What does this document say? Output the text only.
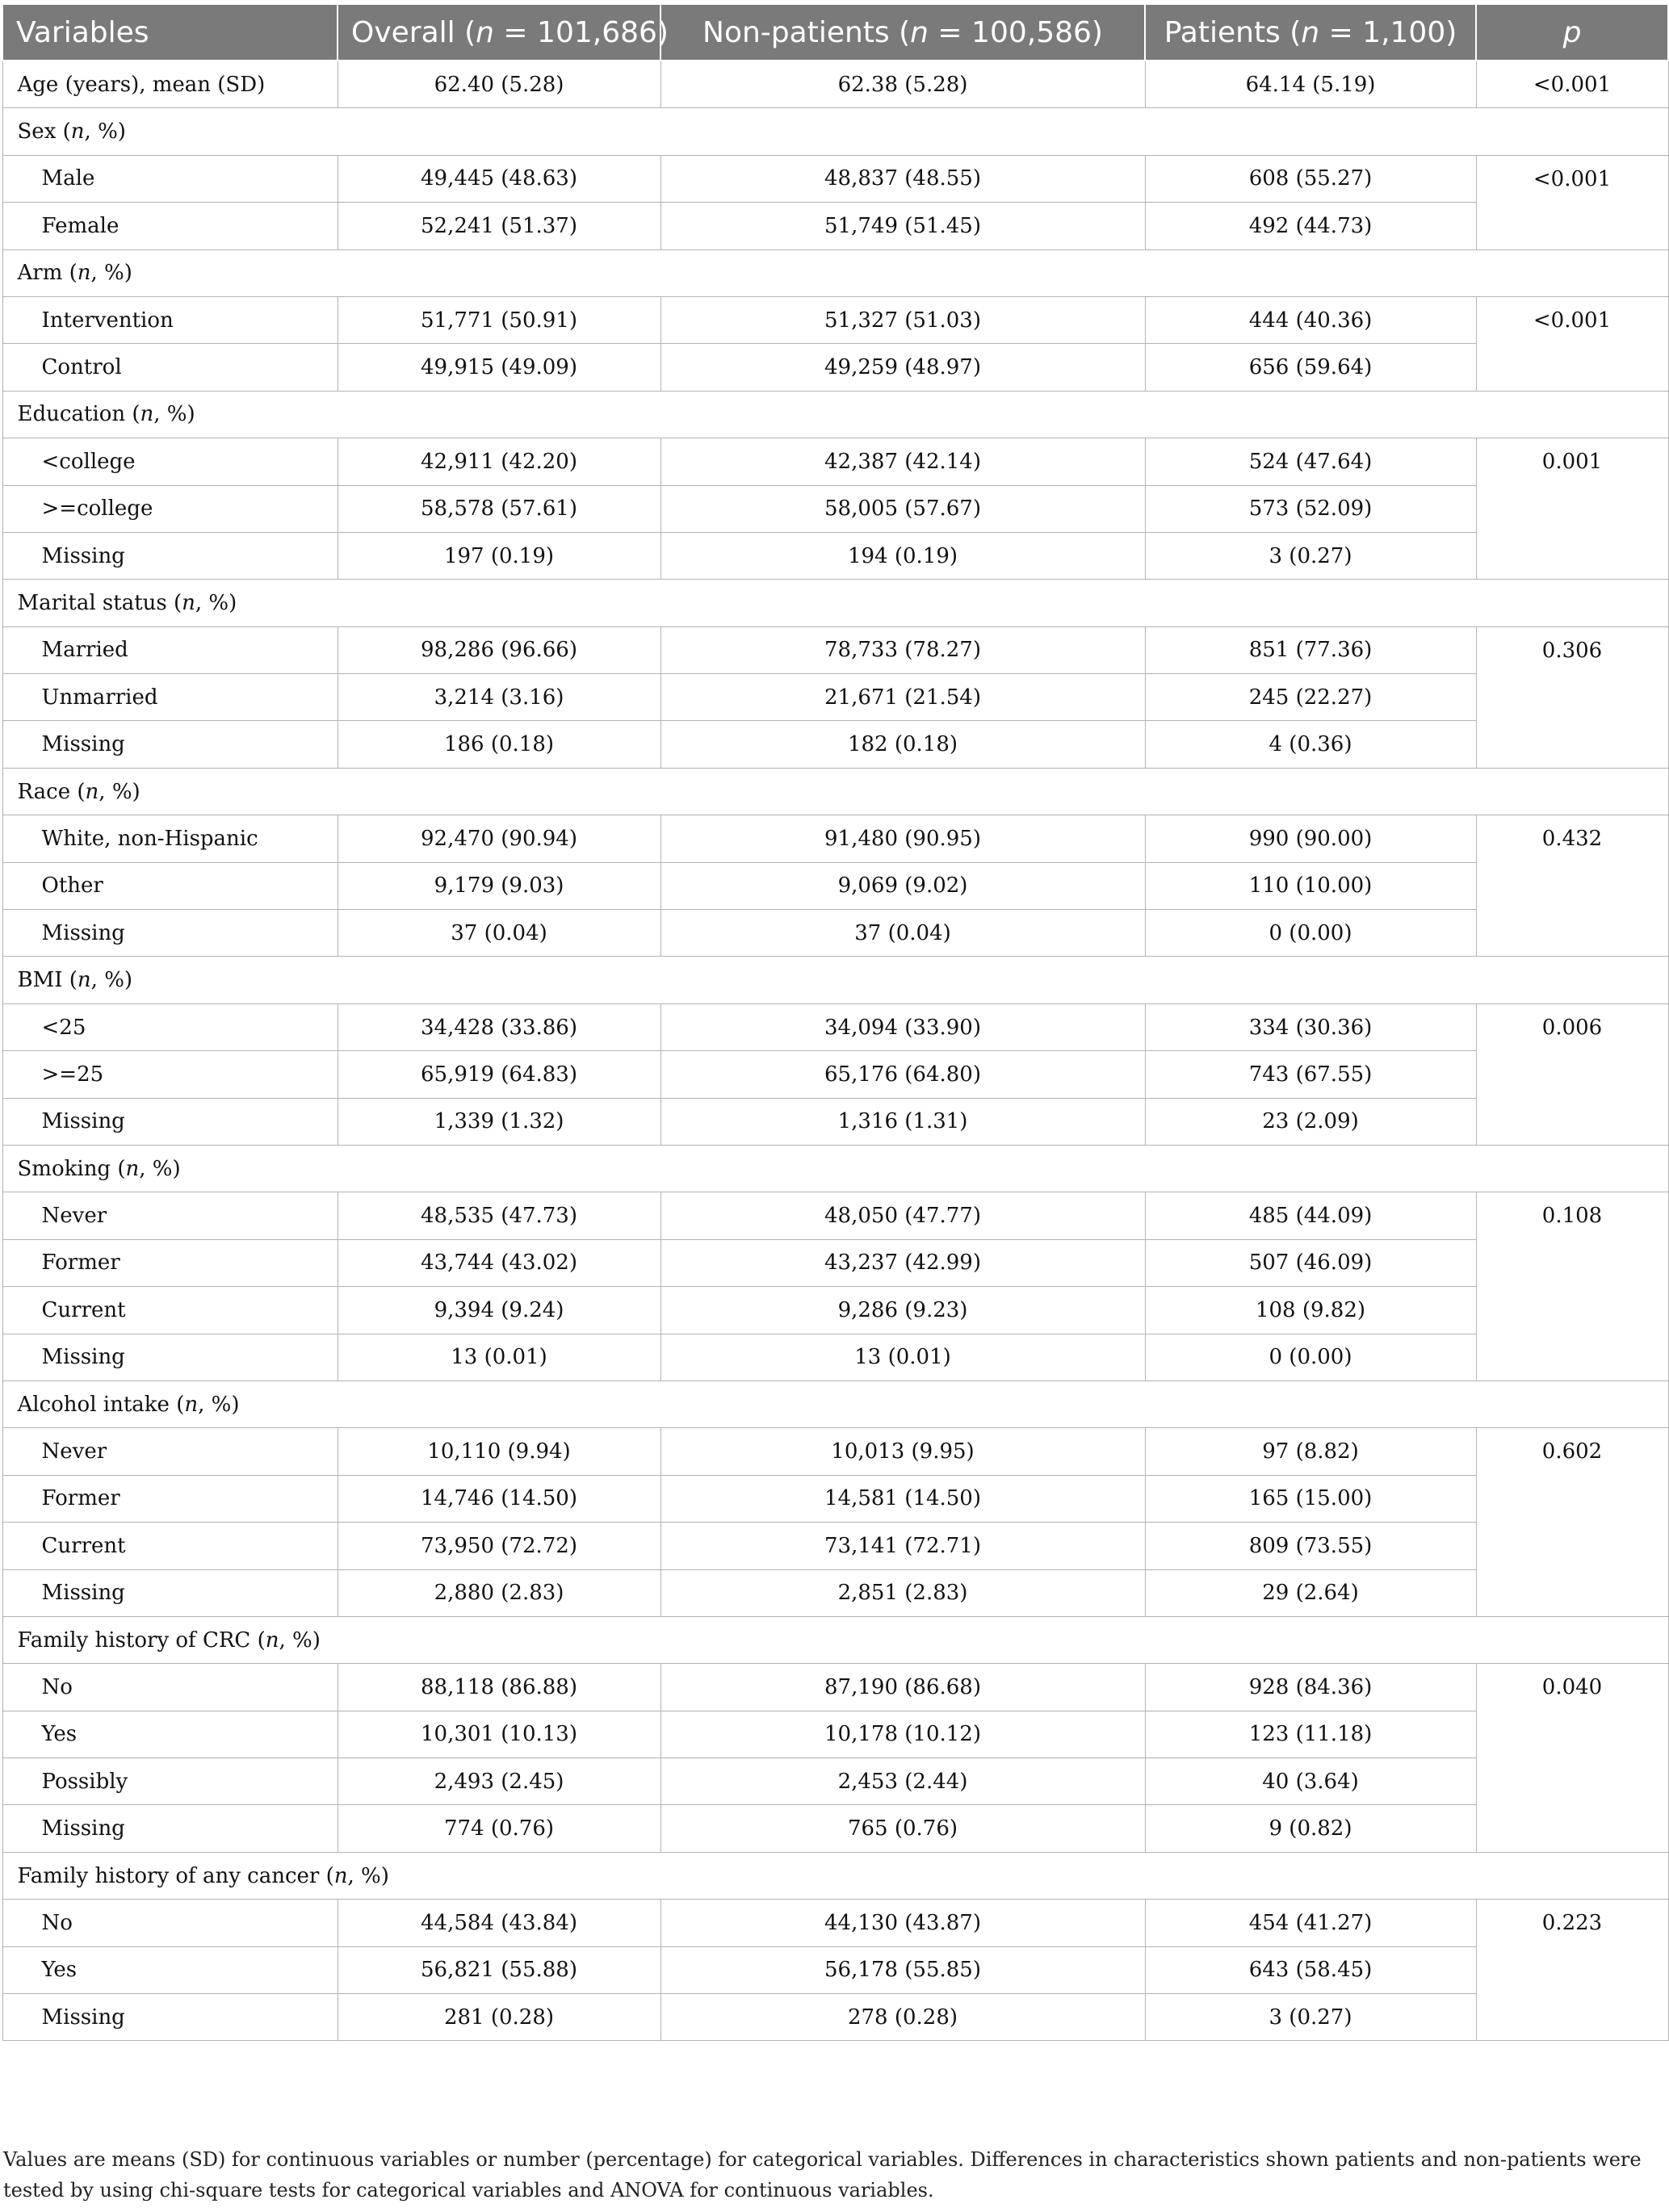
Variables	Overall (n = 101,686)	Non-patients (n = 100,586)	Patients (n = 1,100)	p
Age (years), mean (SD)	62.40 (5.28)	62.38 (5.28)	64.14 (5.19)	<0.001
Sex (n, %)				
Male	49,445 (48.63)	48,837 (48.55)	608 (55.27)	<0.001
Female	52,241 (51.37)	51,749 (51.45)	492 (44.73)	
Arm (n, %)				
Intervention	51,771 (50.91)	51,327 (51.03)	444 (40.36)	<0.001
Control	49,915 (49.09)	49,259 (48.97)	656 (59.64)	
Education (n, %)				
<college	42,911 (42.20)	42,387 (42.14)	524 (47.64)	0.001
>=college	58,578 (57.61)	58,005 (57.67)	573 (52.09)	
Missing	197 (0.19)	194 (0.19)	3 (0.27)	
Marital status (n, %)				
Married	98,286 (96.66)	78,733 (78.27)	851 (77.36)	0.306
Unmarried	3,214 (3.16)	21,671 (21.54)	245 (22.27)	
Missing	186 (0.18)	182 (0.18)	4 (0.36)	
Race (n, %)				
White, non-Hispanic	92,470 (90.94)	91,480 (90.95)	990 (90.00)	0.432
Other	9,179 (9.03)	9,069 (9.02)	110 (10.00)	
Missing	37 (0.04)	37 (0.04)	0 (0.00)	
BMI (n, %)				
<25	34,428 (33.86)	34,094 (33.90)	334 (30.36)	0.006
>=25	65,919 (64.83)	65,176 (64.80)	743 (67.55)	
Missing	1,339 (1.32)	1,316 (1.31)	23 (2.09)	
Smoking (n, %)				
Never	48,535 (47.73)	48,050 (47.77)	485 (44.09)	0.108
Former	43,744 (43.02)	43,237 (42.99)	507 (46.09)	
Current	9,394 (9.24)	9,286 (9.23)	108 (9.82)	
Missing	13 (0.01)	13 (0.01)	0 (0.00)	
Alcohol intake (n, %)				
Never	10,110 (9.94)	10,013 (9.95)	97 (8.82)	0.602
Former	14,746 (14.50)	14,581 (14.50)	165 (15.00)	
Current	73,950 (72.72)	73,141 (72.71)	809 (73.55)	
Missing	2,880 (2.83)	2,851 (2.83)	29 (2.64)	
Family history of CRC (n, %)				
No	88,118 (86.88)	87,190 (86.68)	928 (84.36)	0.040
Yes	10,301 (10.13)	10,178 (10.12)	123 (11.18)	
Possibly	2,493 (2.45)	2,453 (2.44)	40 (3.64)	
Missing	774 (0.76)	765 (0.76)	9 (0.82)	
Family history of any cancer (n, %)				
No	44,584 (43.84)	44,130 (43.87)	454 (41.27)	0.223
Yes	56,821 (55.88)	56,178 (55.85)	643 (58.45)	
Missing	281 (0.28)	278 (0.28)	3 (0.27)	
Values are means (SD) for continuous variables or number (percentage) for categorical variables. Differences in characteristics shown patients and non-patients were tested by using chi-square tests for categorical variables and ANOVA for continuous variables.
